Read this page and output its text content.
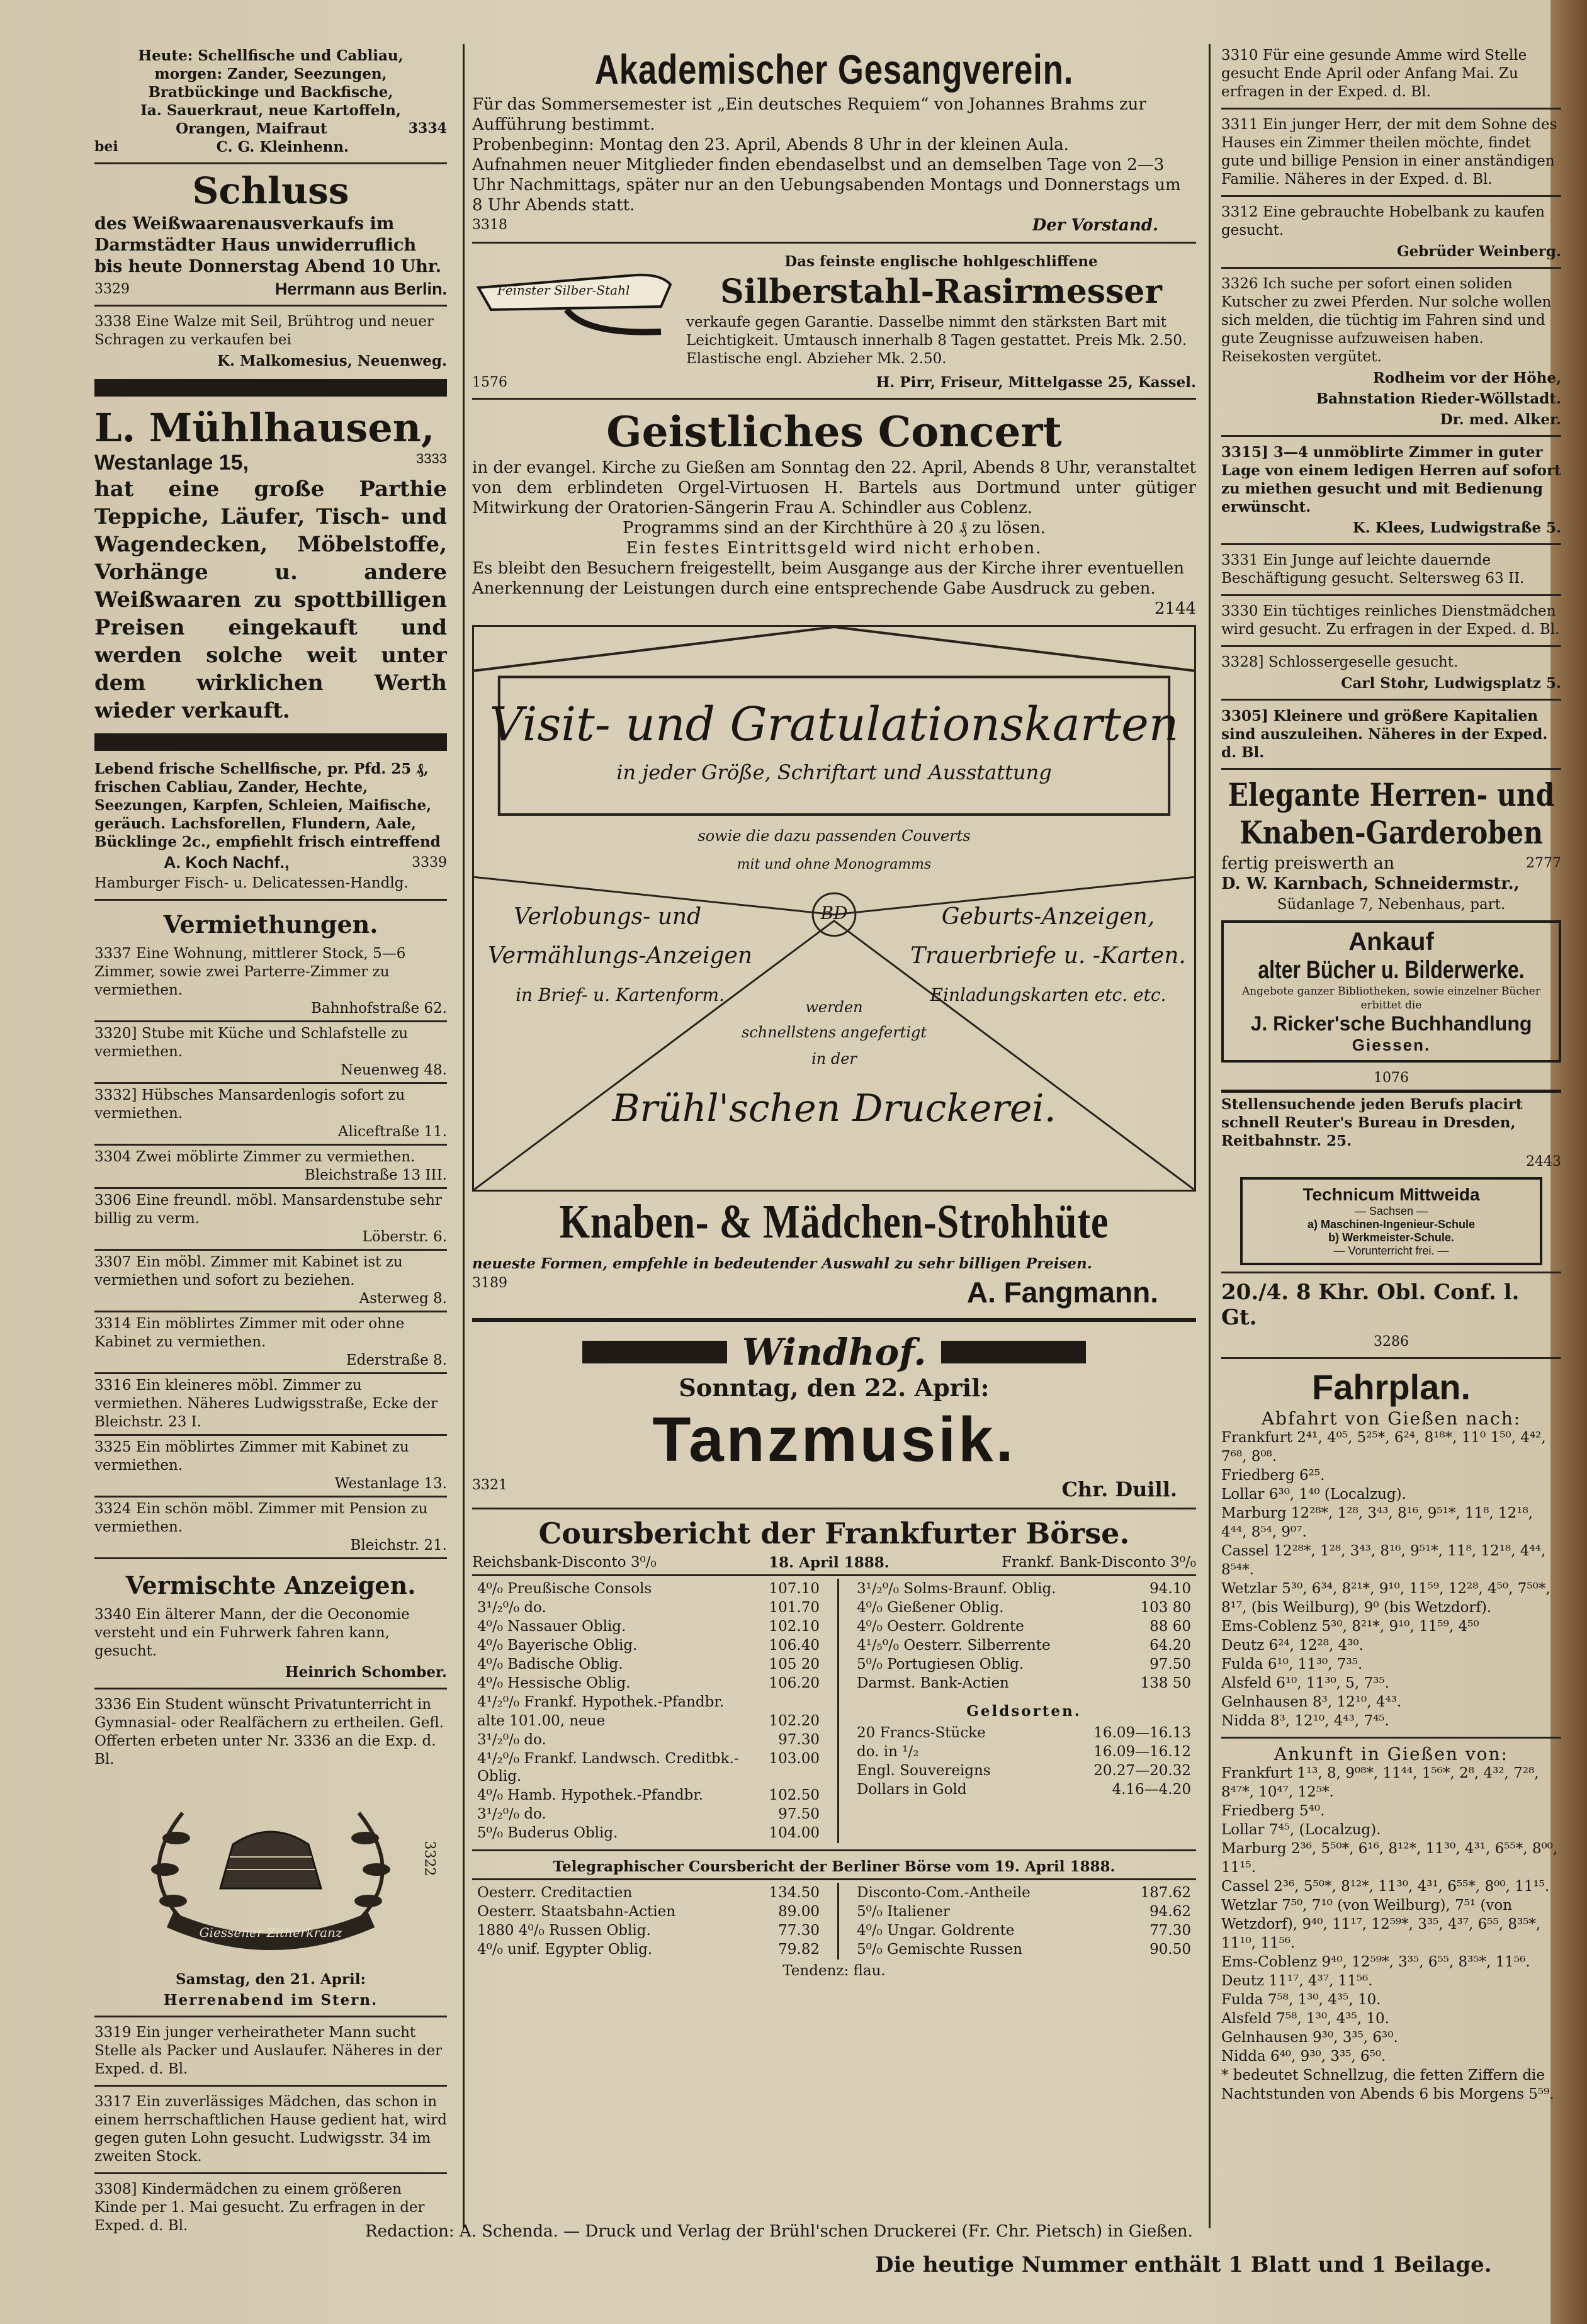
Heute: Schellfische und Cabliau,
morgen: Zander, Seezungen,
Bratbückinge und Backfische,
Ia. Sauerkraut, neue Kartoffeln,
Orangen, Maifraut	3334
bei	C. G. Kleinhenn.
Schluss
des Weißwaarenausverkaufs im Darmstädter Haus unwiderruflich bis heute Donnerstag Abend 10 Uhr.
3329	Herrmann aus Berlin.
3338 Eine Walze mit Seil, Brühtrog und neuer Schragen zu verkaufen bei
K. Malkomesius, Neuenweg.
L. Mühlhausen,
Westanlage 15,	3333
hat eine große Parthie Teppiche, Läufer, Tisch- und Wagendecken, Möbelstoffe, Vorhänge u. andere Weißwaaren zu spottbilligen Preisen eingekauft und werden solche weit unter dem wirklichen Werth wieder verkauft.
Lebend frische Schellfische, pr. Pfd. 25 ₰, frischen Cabliau, Zander, Hechte, Seezungen, Karpfen, Schleien, Maifische, geräuch. Lachsforellen, Flundern, Aale, Bücklinge 2c., empfiehlt frisch eintreffend
A. Koch Nachf.,	3339
Hamburger Fisch- u. Delicatessen-Handlg.
Vermiethungen.
3337 Eine Wohnung, mittlerer Stock, 5—6 Zimmer, sowie zwei Parterre-Zimmer zu vermiethen.
Bahnhofstraße 62.
3320] Stube mit Küche und Schlafstelle zu vermiethen.
Neuenweg 48.
3332] Hübsches Mansardenlogis sofort zu vermiethen.
Aliceftraße 11.
3304 Zwei möblirte Zimmer zu vermiethen.
Bleichstraße 13 III.
3306 Eine freundl. möbl. Mansardenstube sehr billig zu verm.
Löberstr. 6.
3307 Ein möbl. Zimmer mit Kabinet ist zu vermiethen und sofort zu beziehen.
Asterweg 8.
3314 Ein möblirtes Zimmer mit oder ohne Kabinet zu vermiethen.
Ederstraße 8.
3316 Ein kleineres möbl. Zimmer zu vermiethen. Näheres Ludwigsstraße, Ecke der Bleichstr. 23 I.
3325 Ein möblirtes Zimmer mit Kabinet zu vermiethen.
Westanlage 13.
3324 Ein schön möbl. Zimmer mit Pension zu vermiethen.
Bleichstr. 21.
Vermischte Anzeigen.
3340 Ein älterer Mann, der die Oeconomie versteht und ein Fuhrwerk fahren kann, gesucht.
Heinrich Schomber.
3336 Ein Student wünscht Privatunterricht in Gymnasial- oder Realfächern zu ertheilen. Gefl. Offerten erbeten unter Nr. 3336 an die Exp. d. Bl.
Giessener Zitherkranz
3322
Samstag, den 21. April:
Herrenabend im Stern.
3319 Ein junger verheiratheter Mann sucht Stelle als Packer und Auslaufer. Näheres in der Exped. d. Bl.
3317 Ein zuverlässiges Mädchen, das schon in einem herrschaftlichen Hause gedient hat, wird gegen guten Lohn gesucht. Ludwigsstr. 34 im zweiten Stock.
3308] Kindermädchen zu einem größeren Kinde per 1. Mai gesucht. Zu erfragen in der Exped. d. Bl.
Akademischer Gesangverein.
Für das Sommersemester ist „Ein deutsches Requiem“ von Johannes Brahms zur Aufführung bestimmt.
Probenbeginn: Montag den 23. April, Abends 8 Uhr in der kleinen Aula.
Aufnahmen neuer Mitglieder finden ebendaselbst und an demselben Tage von 2—3 Uhr Nachmittags, später nur an den Uebungsabenden Montags und Donnerstags um 8 Uhr Abends statt.
3318	Der Vorstand.
Feinster Silber-Stahl
Das feinste englische hohlgeschliffene
Silberstahl-Rasirmesser
verkaufe gegen Garantie. Dasselbe nimmt den stärksten Bart mit Leichtigkeit. Umtausch innerhalb 8 Tagen gestattet. Preis Mk. 2.50. Elastische engl. Abzieher Mk. 2.50.
1576	H. Pirr, Friseur, Mittelgasse 25, Kassel.
Geistliches Concert
in der evangel. Kirche zu Gießen am Sonntag den 22. April, Abends 8 Uhr, veranstaltet von dem erblindeten Orgel-Virtuosen H. Bartels aus Dortmund unter gütiger Mitwirkung der Oratorien-Sängerin Frau A. Schindler aus Coblenz.
Programms sind an der Kirchthüre à 20 ₰ zu lösen.
Ein festes Eintrittsgeld wird nicht erhoben.
Es bleibt den Besuchern freigestellt, beim Ausgange aus der Kirche ihrer eventuellen Anerkennung der Leistungen durch eine entsprechende Gabe Ausdruck zu geben.
2144
Visit- und Gratulationskarten
in jeder Größe, Schriftart und Ausstattung
sowie die dazu passenden Couverts
mit und ohne Monogramms
BD
Verlobungs- und
Vermählungs-Anzeigen
in Brief- u. Kartenform.
Geburts-Anzeigen,
Trauerbriefe u. -Karten.
Einladungskarten etc. etc.
werden
schnellstens angefertigt
in der
Brühl'schen Druckerei.
Knaben- & Mädchen-Strohhüte
neueste Formen, empfehle in bedeutender Auswahl zu sehr billigen Preisen.
3189	A. Fangmann.
Windhof.
Sonntag, den 22. April:
Tanzmusik.
3321	Chr. Duill.
Coursbericht der Frankfurter Börse.
Reichsbank-Disconto 3⁰/₀	18. April 1888.	Frankf. Bank-Disconto 3⁰/₀
4⁰/₀ Preußische Consols	107.10
3¹/₂⁰/₀ do.	101.70
4⁰/₀ Nassauer Oblig.	102.10
4⁰/₀ Bayerische Oblig.	106.40
4⁰/₀ Badische Oblig.	105 20
4⁰/₀ Hessische Oblig.	106.20
4¹/₂⁰/₀ Frankf. Hypothek.-Pfandbr.	
alte 101.00, neue	102.20
3¹/₂⁰/₀ do.	97.30
4¹/₂⁰/₀ Frankf. Landwsch. Creditbk.-Oblig.	103.00
4⁰/₀ Hamb. Hypothek.-Pfandbr.	102.50
3¹/₂⁰/₀ do.	97.50
5⁰/₀ Buderus Oblig.	104.00
3¹/₂⁰/₀ Solms-Braunf. Oblig.	94.10
4⁰/₀ Gießener Oblig.	103 80
4⁰/₀ Oesterr. Goldrente	88 60
4¹/₅⁰/₀ Oesterr. Silberrente	64.20
5⁰/₀ Portugiesen Oblig.	97.50
Darmst. Bank-Actien	138 50
Geldsorten.
20 Francs-Stücke	16.09—16.13
do. in ¹/₂	16.09—16.12
Engl. Souvereigns	20.27—20.32
Dollars in Gold	4.16—4.20
Telegraphischer Coursbericht der Berliner Börse vom 19. April 1888.
Oesterr. Creditactien	134.50
Oesterr. Staatsbahn-Actien	89.00
1880 4⁰/₀ Russen Oblig.	77.30
4⁰/₀ unif. Egypter Oblig.	79.82
Disconto-Com.-Antheile	187.62
5⁰/₀ Italiener	94.62
4⁰/₀ Ungar. Goldrente	77.30
5⁰/₀ Gemischte Russen	90.50
Tendenz: flau.
3310 Für eine gesunde Amme wird Stelle gesucht Ende April oder Anfang Mai. Zu erfragen in der Exped. d. Bl.
3311 Ein junger Herr, der mit dem Sohne des Hauses ein Zimmer theilen möchte, findet gute und billige Pension in einer anständigen Familie. Näheres in der Exped. d. Bl.
3312 Eine gebrauchte Hobelbank zu kaufen gesucht.
Gebrüder Weinberg.
3326 Ich suche per sofort einen soliden Kutscher zu zwei Pferden. Nur solche wollen sich melden, die tüchtig im Fahren sind und gute Zeugnisse aufzuweisen haben. Reisekosten vergütet.
Rodheim vor der Höhe,
Bahnstation Rieder-Wöllstadt.
Dr. med. Alker.
3315] 3—4 unmöblirte Zimmer in guter Lage von einem ledigen Herren auf sofort zu miethen gesucht und mit Bedienung erwünscht.
K. Klees, Ludwigstraße 5.
3331 Ein Junge auf leichte dauernde Beschäftigung gesucht. Seltersweg 63 II.
3330 Ein tüchtiges reinliches Dienstmädchen wird gesucht. Zu erfragen in der Exped. d. Bl.
3328] Schlossergeselle gesucht.
Carl Stohr, Ludwigsplatz 5.
3305] Kleinere und größere Kapitalien sind auszuleihen. Näheres in der Exped. d. Bl.
Elegante Herren- und Knaben-Garderoben
fertig preiswerth an	2777
D. W. Karnbach, Schneidermstr.,
Südanlage 7, Nebenhaus, part.
Ankauf
alter Bücher u. Bilderwerke.
Angebote ganzer Bibliotheken, sowie einzelner Bücher erbittet die
J. Ricker'sche Buchhandlung
Giessen.
1076
Stellensuchende jeden Berufs placirt schnell Reuter's Bureau in Dresden, Reitbahnstr. 25.
2443
Technicum Mittweida
— Sachsen —
a) Maschinen-Ingenieur-Schule
b) Werkmeister-Schule.
— Vorunterricht frei. —
20./4. 8 Khr. Obl. Conf. l. Gt.
3286
Fahrplan.
Abfahrt von Gießen nach:
Frankfurt 2⁴¹, 4⁰⁵, 5²⁵*, 6²⁴, 8¹⁸*, 11⁰ 1⁵⁰, 4⁴², 7⁶⁸, 8⁰⁸.
Friedberg 6²⁵.
Lollar 6³⁰, 1⁴⁰ (Localzug).
Marburg 12²⁸*, 1²⁸, 3⁴³, 8¹⁶, 9⁵¹*, 11⁸, 12¹⁸, 4⁴⁴, 8⁵⁴, 9⁰⁷.
Cassel 12²⁸*, 1²⁸, 3⁴³, 8¹⁶, 9⁵¹*, 11⁸, 12¹⁸, 4⁴⁴, 8⁵⁴*.
Wetzlar 5³⁰, 6³⁴, 8²¹*, 9¹⁰, 11⁵⁹, 12²⁸, 4⁵⁰, 7⁵⁰*, 8¹⁷, (bis Weilburg), 9⁰ (bis Wetzdorf).
Ems-Coblenz 5³⁰, 8²¹*, 9¹⁰, 11⁵⁹, 4⁵⁰
Deutz 6²⁴, 12²⁸, 4³⁰.
Fulda 6¹⁰, 11³⁰, 7³⁵.
Alsfeld 6¹⁰, 11³⁰, 5, 7³⁵.
Gelnhausen 8³, 12¹⁰, 4⁴³.
Nidda 8³, 12¹⁰, 4⁴³, 7⁴⁵.
Ankunft in Gießen von:
Frankfurt 1¹³, 8, 9⁰⁸*, 11⁴⁴, 1⁵⁶*, 2⁸, 4³², 7²⁸, 8⁴⁷*, 10⁴⁷, 12⁵*.
Friedberg 5⁴⁰.
Lollar 7⁴⁵, (Localzug).
Marburg 2³⁶, 5⁵⁰*, 6¹⁶, 8¹²*, 11³⁰, 4³¹, 6⁵⁵*, 8⁰⁰, 11¹⁵.
Cassel 2³⁶, 5⁵⁰*, 8¹²*, 11³⁰, 4³¹, 6⁵⁵*, 8⁰⁰, 11¹⁵.
Wetzlar 7⁵⁰, 7¹⁰ (von Weilburg), 7⁵¹ (von Wetzdorf), 9⁴⁰, 11¹⁷, 12⁵⁹*, 3³⁵, 4³⁷, 6⁵⁵, 8³⁵*, 11¹⁰, 11⁵⁶.
Ems-Coblenz 9⁴⁰, 12⁵⁹*, 3³⁵, 6⁵⁵, 8³⁵*, 11⁵⁶.
Deutz 11¹⁷, 4³⁷, 11⁵⁶.
Fulda 7⁵⁸, 1³⁰, 4³⁵, 10.
Alsfeld 7⁵⁸, 1³⁰, 4³⁵, 10.
Gelnhausen 9³⁰, 3³⁵, 6³⁰.
Nidda 6⁴⁰, 9³⁰, 3³⁵, 6⁵⁰.
* bedeutet Schnellzug, die fetten Ziffern die Nachtstunden von Abends 6 bis Morgens 5⁵⁹.
Redaction: A. Schenda. — Druck und Verlag der Brühl'schen Druckerei (Fr. Chr. Pietsch) in Gießen.
Die heutige Nummer enthält 1 Blatt und 1 Beilage.
